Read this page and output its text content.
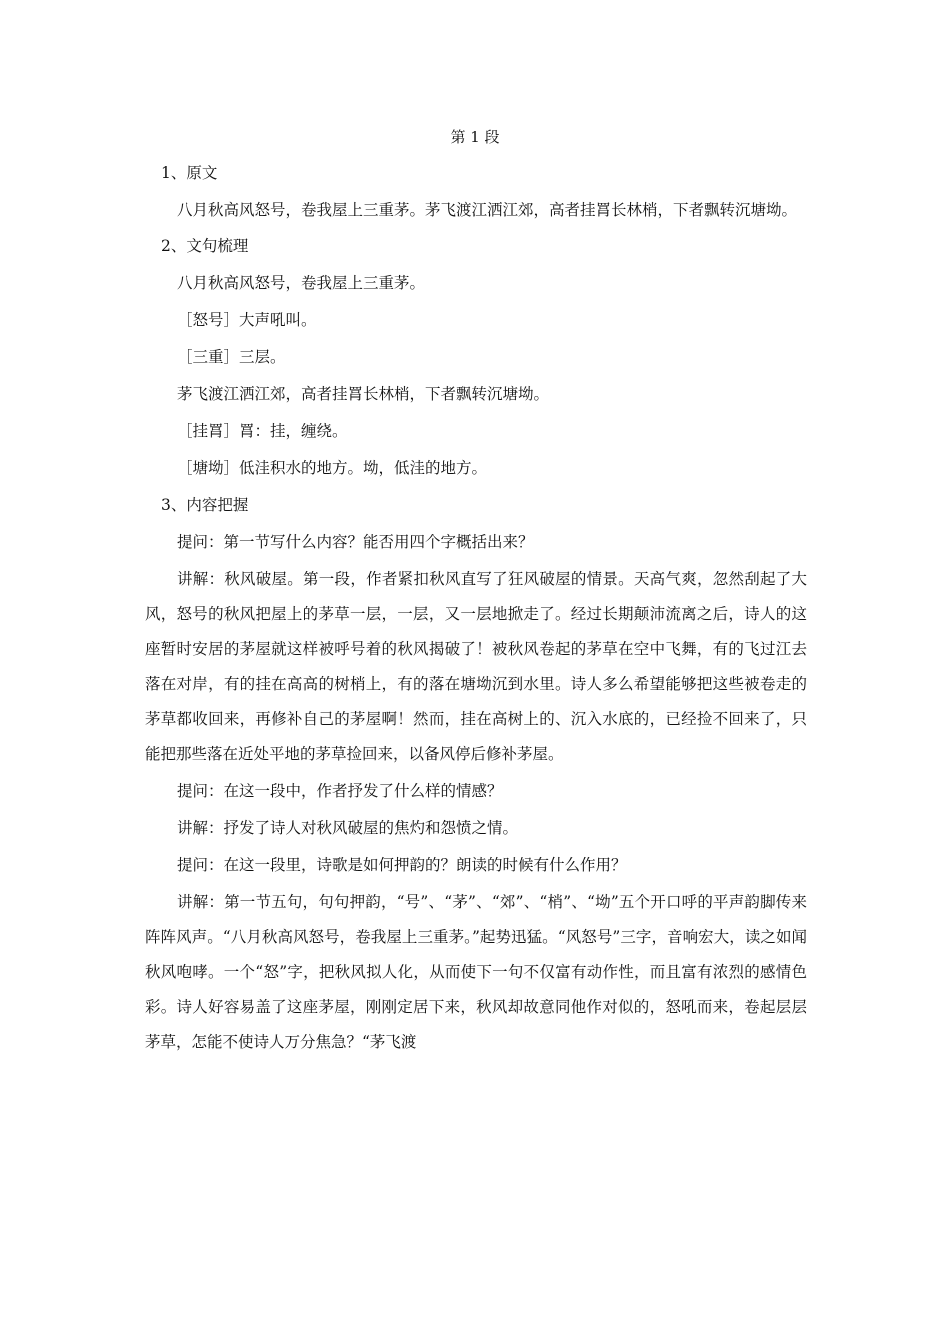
第 1 段

1、原文

八月秋高风怒号，卷我屋上三重茅。茅飞渡江洒江郊，高者挂罥长林梢，下者飘转沉塘坳。

2、文句梳理

八月秋高风怒号，卷我屋上三重茅。

［怒号］大声吼叫。

［三重］三层。

茅飞渡江洒江郊，高者挂罥长林梢，下者飘转沉塘坳。

［挂罥］罥：挂，缠绕。

［塘坳］低洼积水的地方。坳，低洼的地方。

3、内容把握

提问：第一节写什么内容？能否用四个字概括出来？

讲解：秋风破屋。第一段，作者紧扣秋风直写了狂风破屋的情景。天高气爽，忽然刮起了大风，怒号的秋风把屋上的茅草一层，一层，又一层地掀走了。经过长期颠沛流离之后，诗人的这座暂时安居的茅屋就这样被呼号着的秋风揭破了！被秋风卷起的茅草在空中飞舞，有的飞过江去落在对岸，有的挂在高高的树梢上，有的落在塘坳沉到水里。诗人多么希望能够把这些被卷走的茅草都收回来，再修补自己的茅屋啊！然而，挂在高树上的、沉入水底的，已经捡不回来了，只能把那些落在近处平地的茅草捡回来，以备风停后修补茅屋。

提问：在这一段中，作者抒发了什么样的情感？

讲解：抒发了诗人对秋风破屋的焦灼和怨愤之情。

提问：在这一段里，诗歌是如何押韵的？朗读的时候有什么作用？

讲解：第一节五句，句句押韵，“号”、“茅”、“郊”、“梢”、“坳”五个开口呼的平声韵脚传来阵阵风声。“八月秋高风怒号，卷我屋上三重茅。”起势迅猛。“风怒号”三字，音响宏大，读之如闻秋风咆哮。一个“怒”字，把秋风拟人化，从而使下一句不仅富有动作性，而且富有浓烈的感情色彩。诗人好容易盖了这座茅屋，刚刚定居下来，秋风却故意同他作对似的，怒吼而来，卷起层层茅草，怎能不使诗人万分焦急？“茅飞渡
